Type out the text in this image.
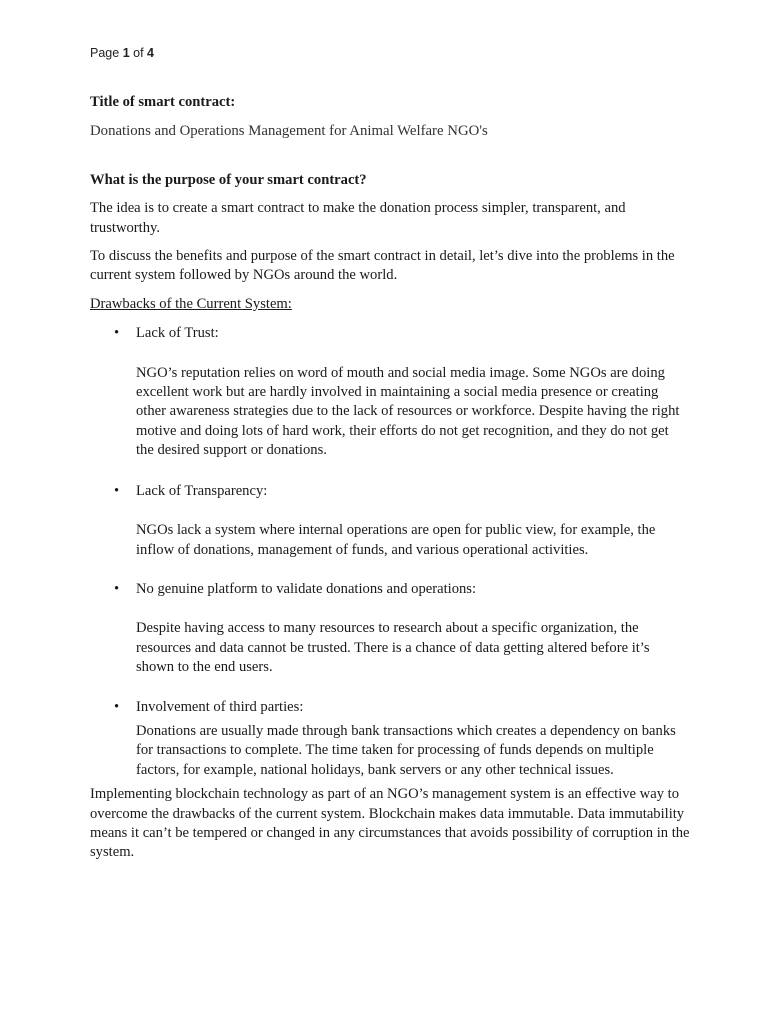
Page 1 of 4

Title of smart contract:

Donations and Operations Management for Animal Welfare NGO's

What is the purpose of your smart contract?

The idea is to create a smart contract to make the donation process simpler, transparent, and trustworthy.

To discuss the benefits and purpose of the smart contract in detail, let’s dive into the problems in the current system followed by NGOs around the world.

Drawbacks of the Current System:

• Lack of Trust:

NGO’s reputation relies on word of mouth and social media image. Some NGOs are doing excellent work but are hardly involved in maintaining a social media presence or creating other awareness strategies due to the lack of resources or workforce. Despite having the right motive and doing lots of hard work, their efforts do not get recognition, and they do not get the desired support or donations.

• Lack of Transparency:

NGOs lack a system where internal operations are open for public view, for example, the inflow of donations, management of funds, and various operational activities.

• No genuine platform to validate donations and operations:

Despite having access to many resources to research about a specific organization, the resources and data cannot be trusted. There is a chance of data getting altered before it’s shown to the end users.

• Involvement of third parties:

Donations are usually made through bank transactions which creates a dependency on banks for transactions to complete. The time taken for processing of funds depends on multiple factors, for example, national holidays, bank servers or any other technical issues.

Implementing blockchain technology as part of an NGO’s management system is an effective way to overcome the drawbacks of the current system. Blockchain makes data immutable. Data immutability means it can’t be tempered or changed in any circumstances that avoids possibility of corruption in the system.
